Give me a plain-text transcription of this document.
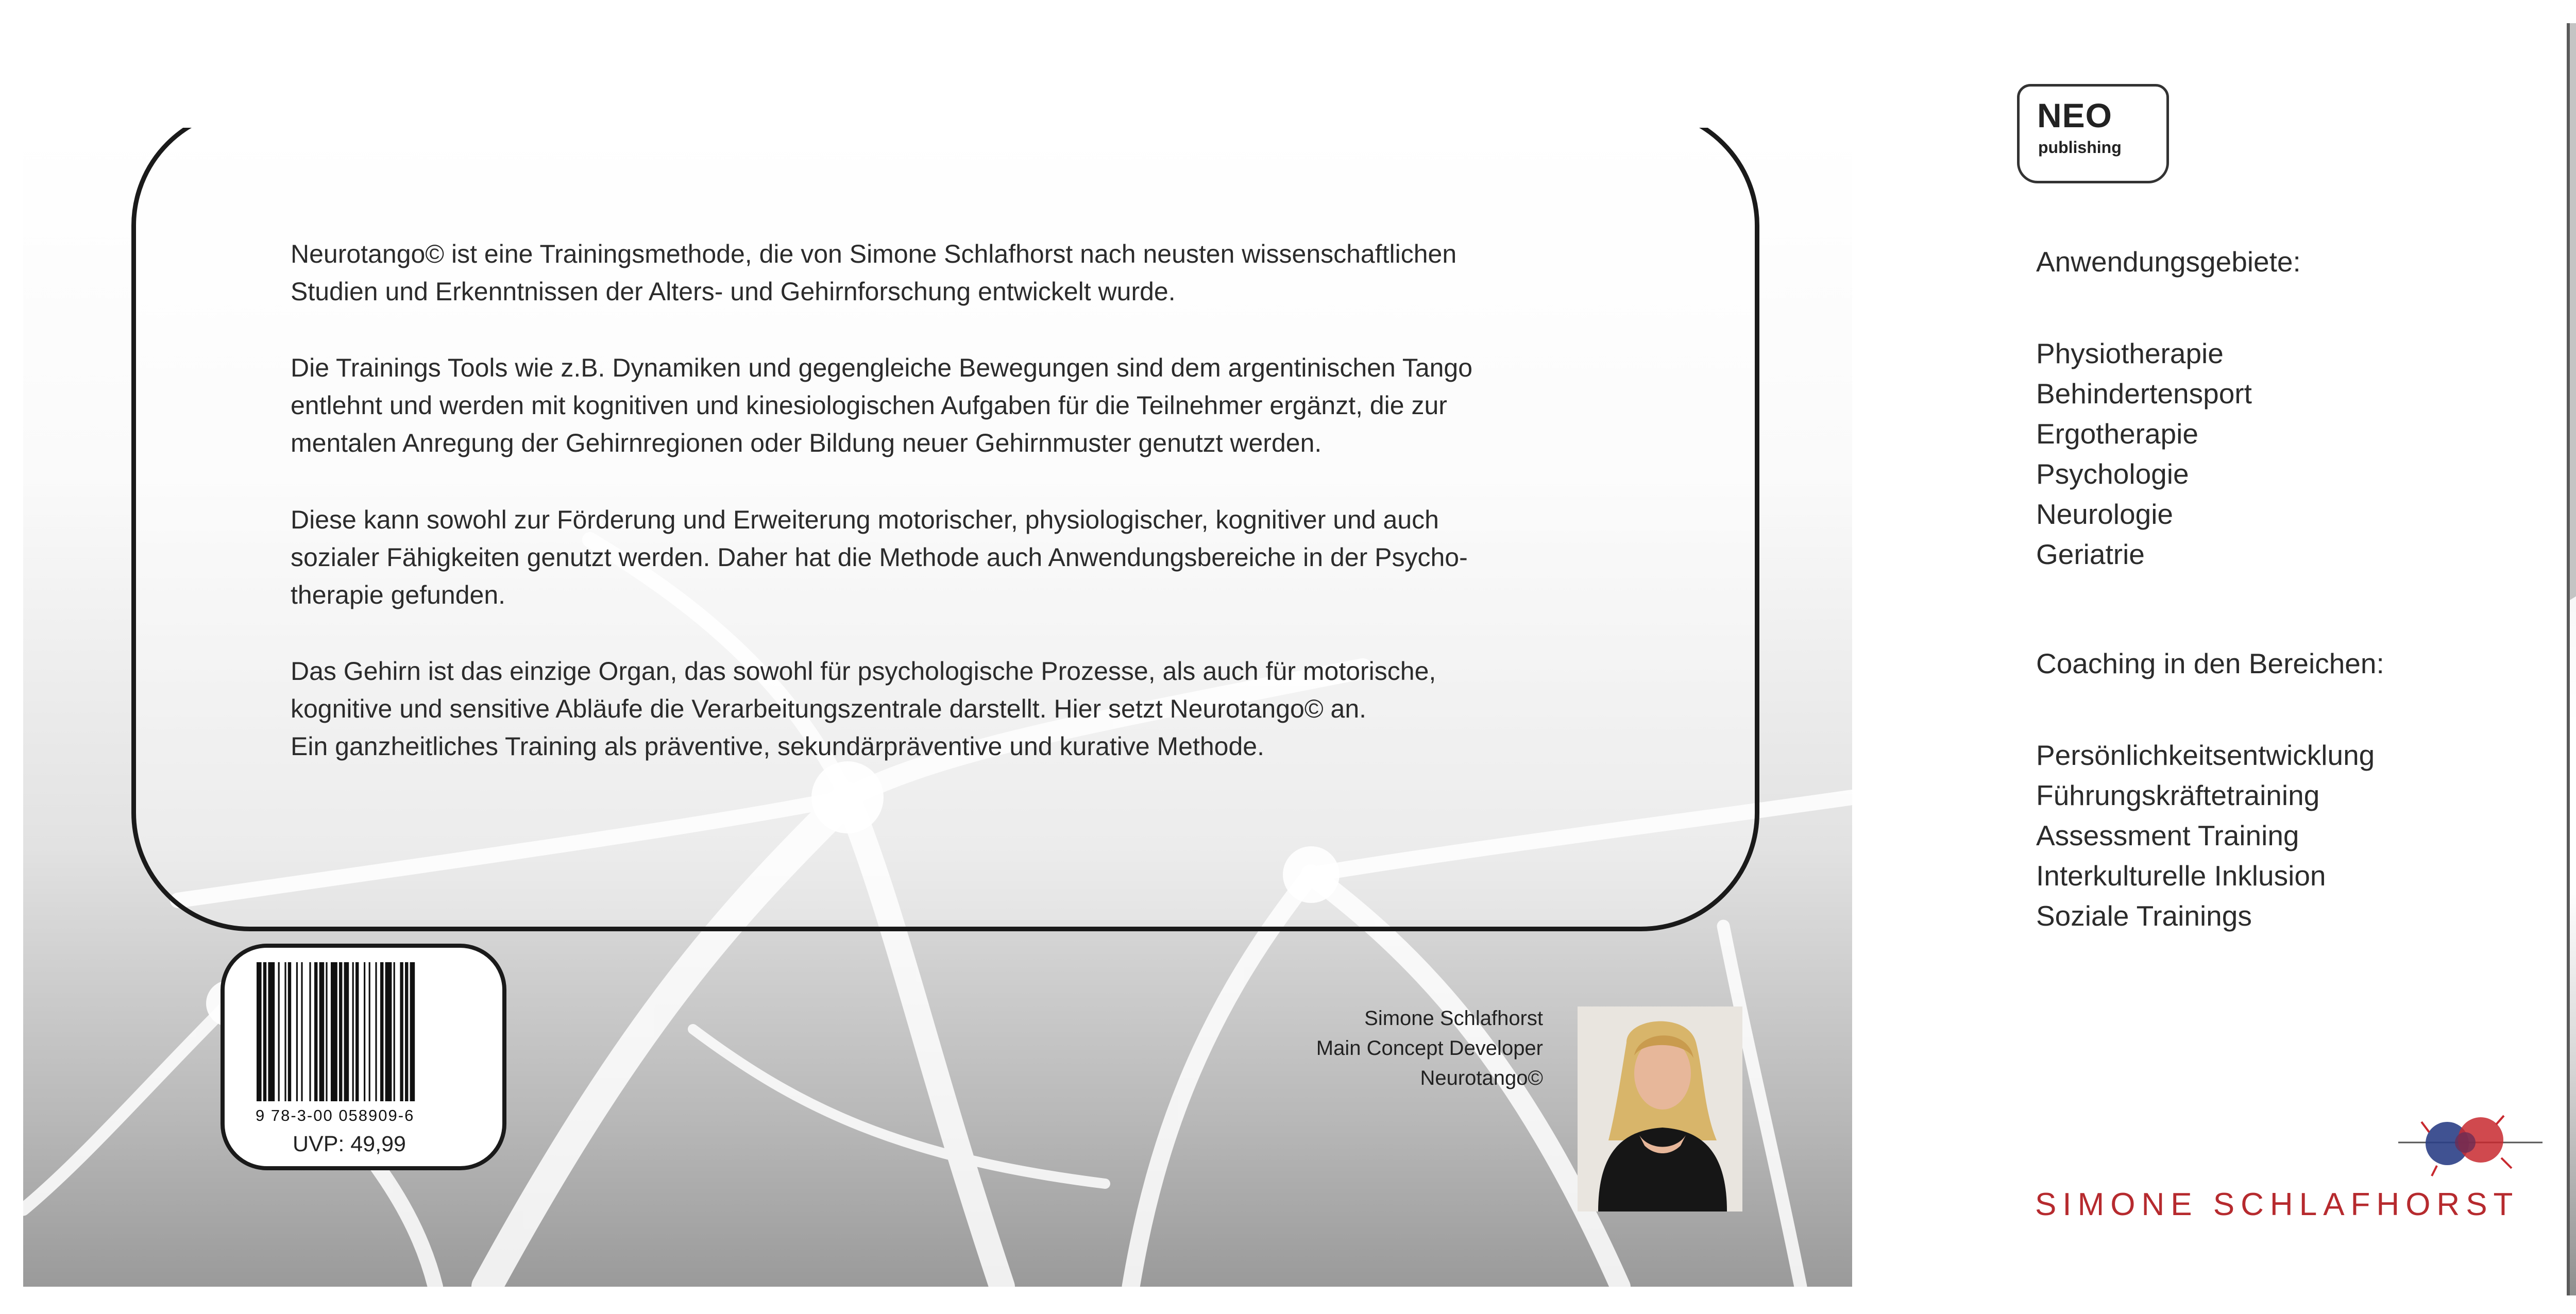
Neurotango© ist eine Trainingsmethode, die von Simone Schlafhorst nach neusten wissenschaftlichen
Studien und Erkenntnissen der Alters- und Gehirnforschung entwickelt wurde.

Die Trainings Tools wie z.B. Dynamiken und gegengleiche Bewegungen sind dem argentinischen Tango
entlehnt und werden mit kognitiven und kinesiologischen Aufgaben für die Teilnehmer ergänzt, die zur
mentalen Anregung der Gehirnregionen oder Bildung neuer Gehirnmuster genutzt werden.

Diese kann sowohl zur Förderung und Erweiterung motorischer, physiologischer, kognitiver und auch
sozialer Fähigkeiten genutzt werden. Daher hat die Methode auch Anwendungsbereiche in der Psycho-
therapie gefunden.

Das Gehirn ist das einzige Organ, das sowohl für psychologische Prozesse, als auch für motorische,
kognitive und sensitive Abläufe die Verarbeitungszentrale darstellt. Hier setzt Neurotango© an.
Ein ganzheitliches Training als präventive, sekundärpräventive und kurative Methode.

9 78-3-00 058909-6
UVP: 49,99
Simone Schlafhorst
Main Concept Developer
Neurotango©
NEO
publishing
Anwendungsgebiete:
Physiotherapie
Behindertensport
Ergotherapie
Psychologie
Neurologie
Geriatrie
Coaching in den Bereichen:
Persönlichkeitsentwicklung
Führungskräftetraining
Assessment Training
Interkulturelle Inklusion
Soziale Trainings
SIMONE SCHLAFHORST
